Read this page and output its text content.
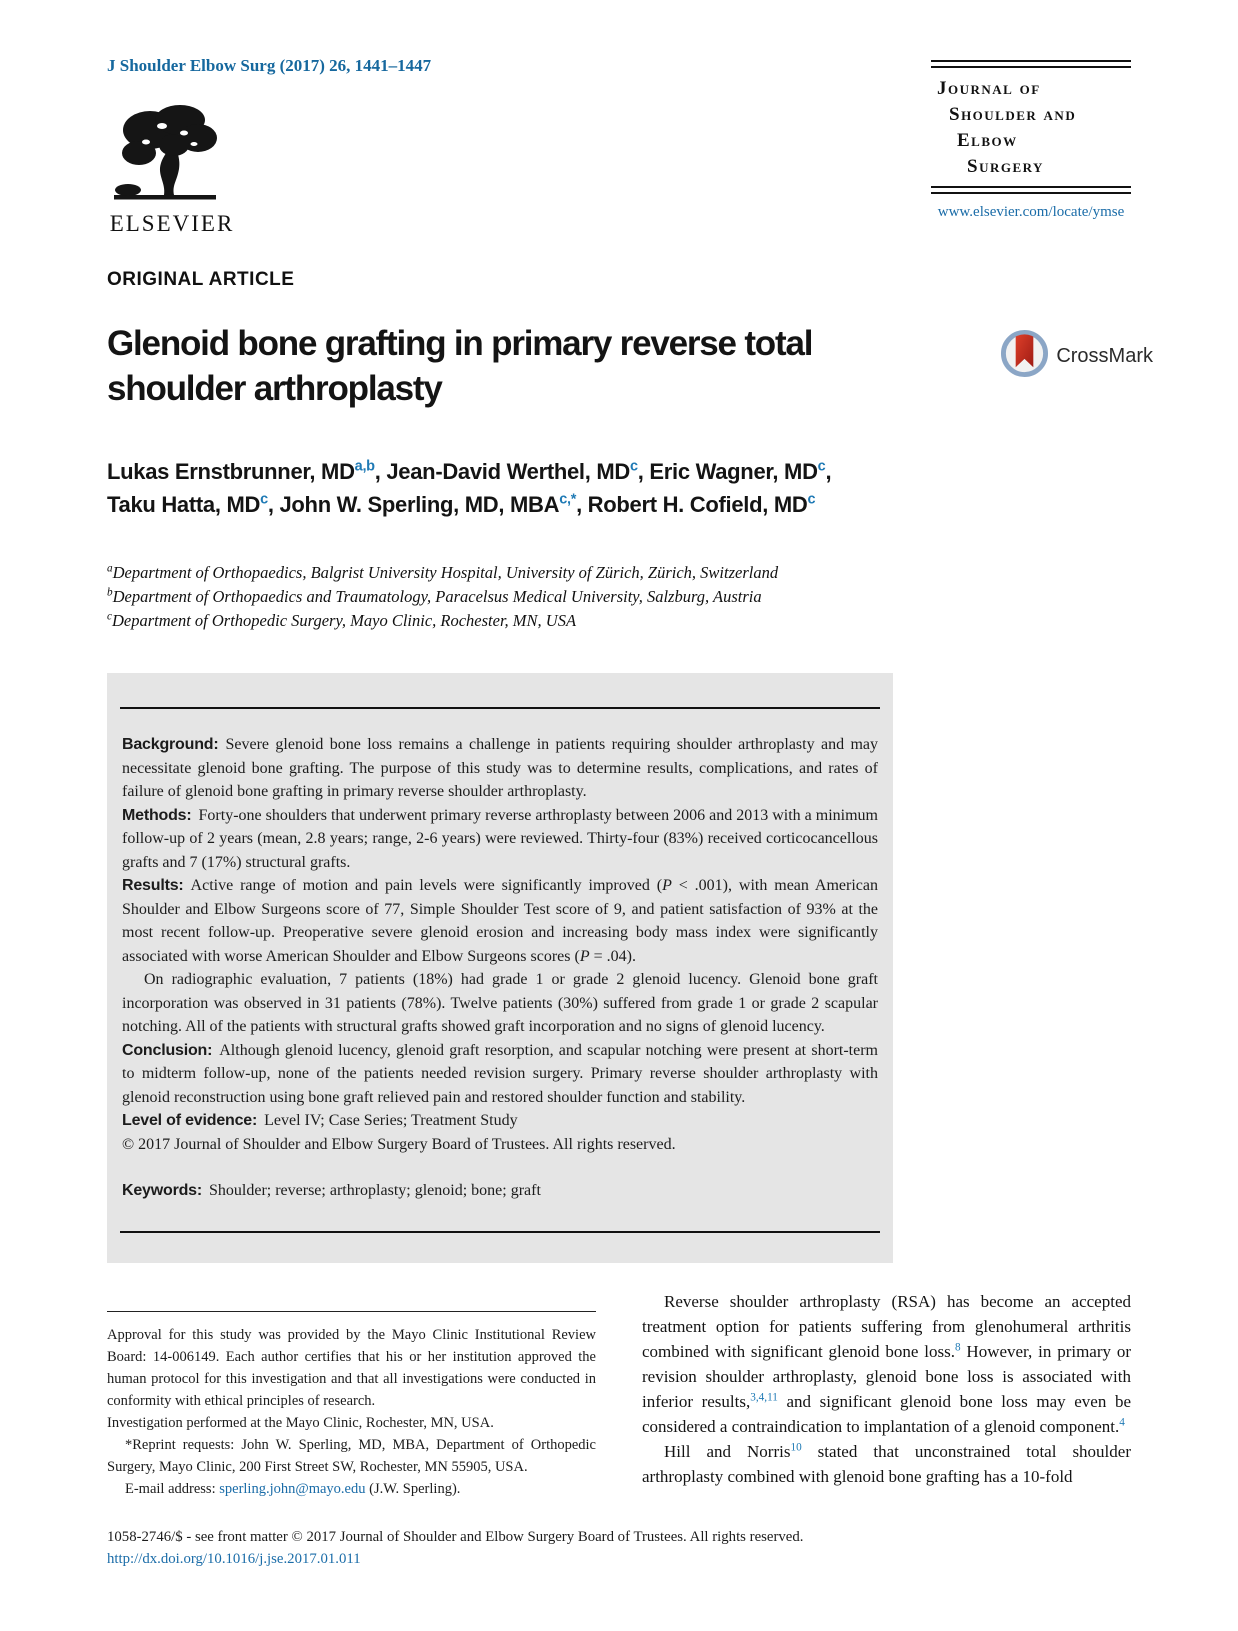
J Shoulder Elbow Surg (2017) 26, 1441–1447
ELSEVIER
Journal of
Shoulder and
Elbow
Surgery
www.elsevier.com/locate/ymse
ORIGINAL ARTICLE
Glenoid bone grafting in primary reverse total
shoulder arthroplasty
CrossMark
Lukas Ernstbrunner, MD$^{a,b}$, Jean-David Werthel, $MD^c$, Eric Wagner, $MD^c$,
Taku Hatta, $MD^c$, John W. Sperling, MD, $MBA^{c,*}$, Robert H. Cofield, $MD^c$
$^a$Department of Orthopaedics, Balgrist University Hospital, University of Zürich, Zürich, Switzerland
$^b$Department of Orthopaedics and Traumatology, Paracelsus Medical University, Salzburg, Austria
$^c$Department of Orthopedic Surgery, Mayo Clinic, Rochester, MN, USA

Background: Severe glenoid bone loss remains a challenge in patients requiring shoulder arthroplasty and may necessitate glenoid bone grafting. The purpose of this study was to determine results, complications, and rates of failure of glenoid bone grafting in primary reverse shoulder arthroplasty.

Methods: Forty-one shoulders that underwent primary reverse arthroplasty between 2006 and 2013 with a minimum follow-up of 2 years (mean, 2.8 years; range, 2-6 years) were reviewed. Thirty-four (83%) received corticocancellous grafts and 7 (17%) structural grafts.

Results: Active range of motion and pain levels were significantly improved (P < .001), with mean American Shoulder and Elbow Surgeons score of 77, Simple Shoulder Test score of 9, and patient satisfaction of 93% at the most recent follow-up. Preoperative severe glenoid erosion and increasing body mass index were significantly associated with worse American Shoulder and Elbow Surgeons scores (P = .04).

On radiographic evaluation, 7 patients (18%) had grade 1 or grade 2 glenoid lucency. Glenoid bone graft incorporation was observed in 31 patients (78%). Twelve patients (30%) suffered from grade 1 or grade 2 scapular notching. All of the patients with structural grafts showed graft incorporation and no signs of glenoid lucency.

Conclusion: Although glenoid lucency, glenoid graft resorption, and scapular notching were present at short-term to midterm follow-up, none of the patients needed revision surgery. Primary reverse shoulder arthroplasty with glenoid reconstruction using bone graft relieved pain and restored shoulder function and stability.

Level of evidence: Level IV; Case Series; Treatment Study

© 2017 Journal of Shoulder and Elbow Surgery Board of Trustees. All rights reserved.

Keywords: Shoulder; reverse; arthroplasty; glenoid; bone; graft

Approval for this study was provided by the Mayo Clinic Institutional Review Board: 14-006149. Each author certifies that his or her institution approved the human protocol for this investigation and that all investigations were conducted in conformity with ethical principles of research.

Investigation performed at the Mayo Clinic, Rochester, MN, USA.

*Reprint requests: John W. Sperling, MD, MBA, Department of Orthopedic Surgery, Mayo Clinic, 200 First Street SW, Rochester, MN 55905, USA.

E-mail address: sperling.john@mayo.edu (J.W. Sperling).

Reverse shoulder arthroplasty (RSA) has become an accepted treatment option for patients suffering from glenohumeral arthritis combined with significant glenoid bone loss.$^8$ However, in primary or revision shoulder arthroplasty, glenoid bone loss is associated with inferior results,$^{3,4,11}$ and significant glenoid bone loss may even be considered a contraindication to implantation of a glenoid component.$^4$

Hill and Norris$^{10}$ stated that unconstrained total shoulder arthroplasty combined with glenoid bone grafting has a 10-fold

1058-2746/$ - see front matter © 2017 Journal of Shoulder and Elbow Surgery Board of Trustees. All rights reserved.
http://dx.doi.org/10.1016/j.jse.2017.01.011
